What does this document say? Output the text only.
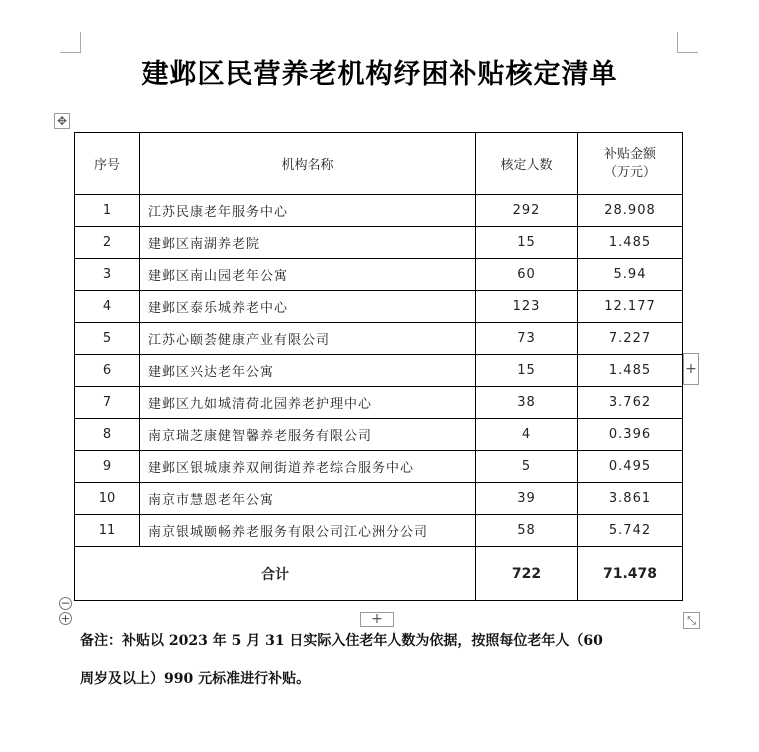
建邺区民营养老机构纾困补贴核定清单
✥
序号	机构名称	核定人数	补贴金额
（万元）

1	江苏民康老年服务中心	292	28.908
2	建邺区南湖养老院	15	1.485
3	建邺区南山园老年公寓	60	5.94
4	建邺区泰乐城养老中心	123	12.177
5	江苏心颐荟健康产业有限公司	73	7.227
6	建邺区兴达老年公寓	15	1.485
7	建邺区九如城清荷北园养老护理中心	38	3.762
8	南京瑞芝康健智馨养老服务有限公司	4	0.396
9	建邺区银城康养双闸街道养老综合服务中心	5	0.495
10	南京市慧恩老年公寓	39	3.861
11	南京银城颐畅养老服务有限公司江心洲分公司	58	5.742
合计		722	71.478
+
−
+	+	⤡
备注：补贴以 2023 年 5 月 31 日实际入住老年人数为依据，按照每位老年人（60
周岁及以上）990 元标准进行补贴。
